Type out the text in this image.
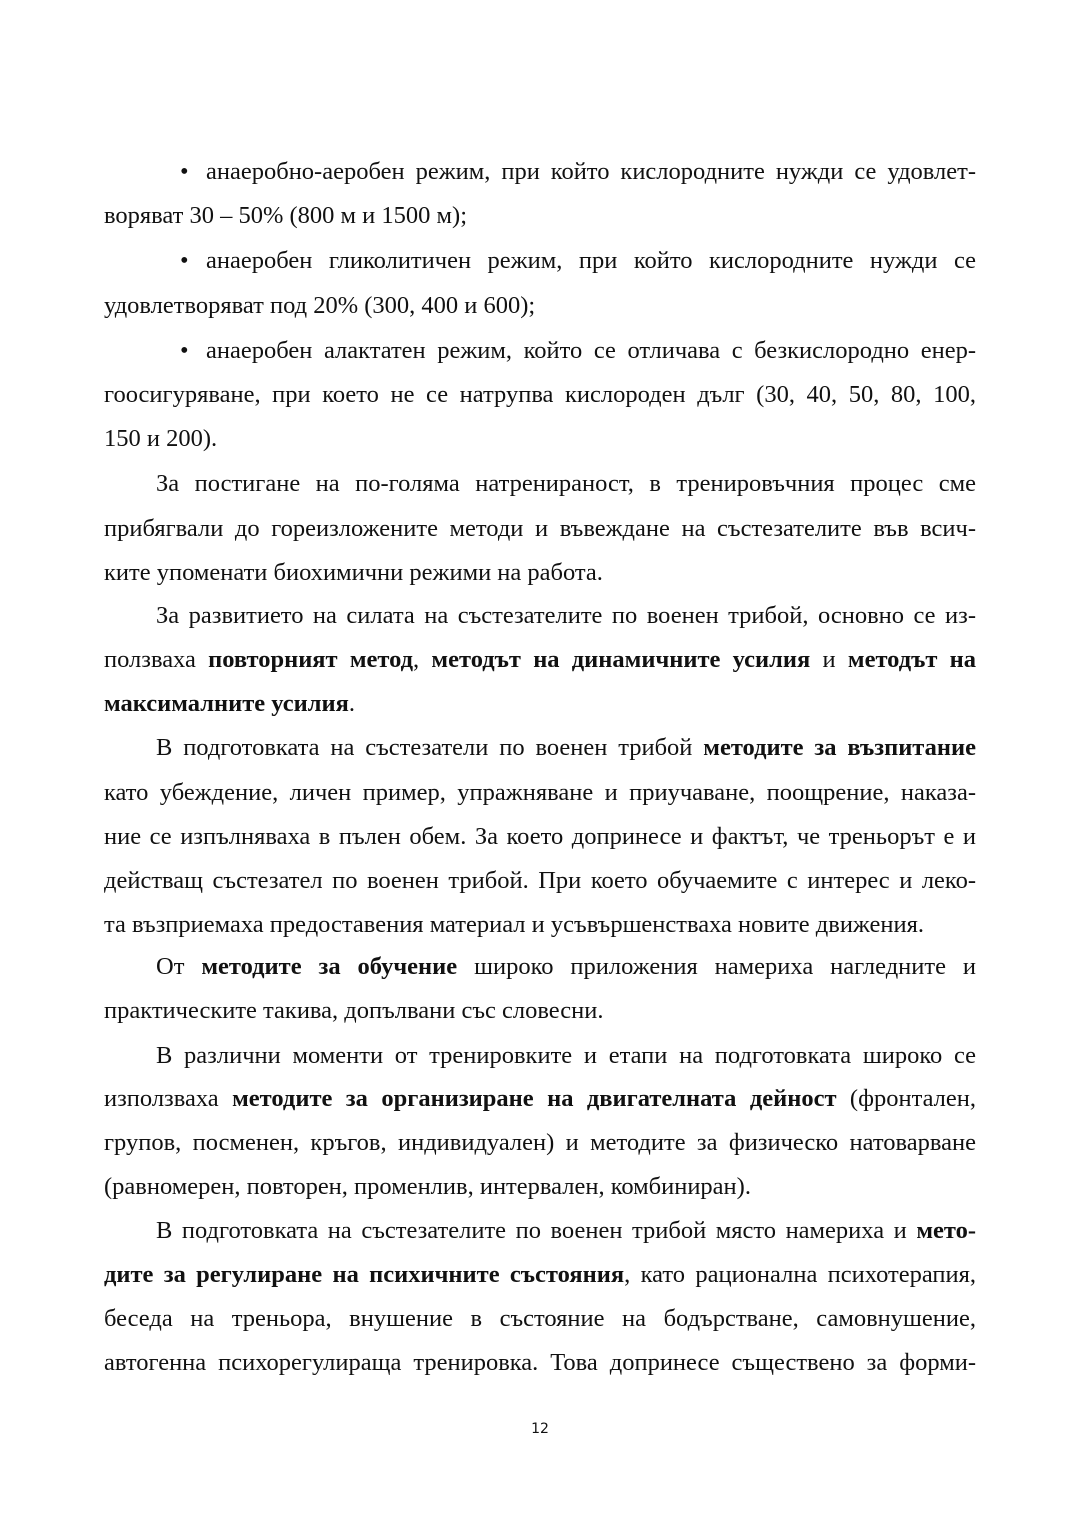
• анаеробно-аеробен режим, при който кислородните нужди се удовлет-
воряват 30 – 50% (800 м и 1500 м);
• анаеробен гликолитичен режим, при който кислородните нужди се
удовлетворяват под 20% (300, 400 и 600);
• анаеробен алактатен режим, който се отличава с безкислородно енер-
гоосигуряване, при което не се натрупва кислороден дълг (30, 40, 50, 80, 100,
150 и 200).
За постигане на по-голяма натренираност, в тренировъчния процес сме
прибягвали до гореизложените методи и въвеждане на състезателите във всич-
ките упоменати биохимични режими на работа.
За развитието на силата на състезателите по военен трибой, основно се из-
ползваха повторният метод, методът на динамичните усилия и методът на
максималните усилия.
В подготовката на състезатели по военен трибой методите за възпитание
като убеждение, личен пример, упражняване и приучаване, поощрение, наказа-
ние се изпълняваха в пълен обем. За което допринесе и фактът, че треньорът е и
действащ състезател по военен трибой. При което обучаемите с интерес и леко-
та възприемаха предоставения материал и усъвършенстваха новите движения.
От методите за обучение широко приложения намериха нагледните и
практическите такива, допълвани със словесни.
В различни моменти от тренировките и етапи на подготовката широко се
използваха методите за организиране на двигателната дейност (фронтален,
групов, посменен, кръгов, индивидуален) и методите за физическо натоварване
(равномерен, повторен, променлив, интервален, комбиниран).
В подготовката на състезателите по военен трибой място намериха и мето-
дите за регулиране на психичните състояния, като рационална психотерапия,
беседа на треньора, внушение в състояние на бодърстване, самовнушение,
автогенна психорегулираща тренировка. Това допринесе съществено за форми-
12
